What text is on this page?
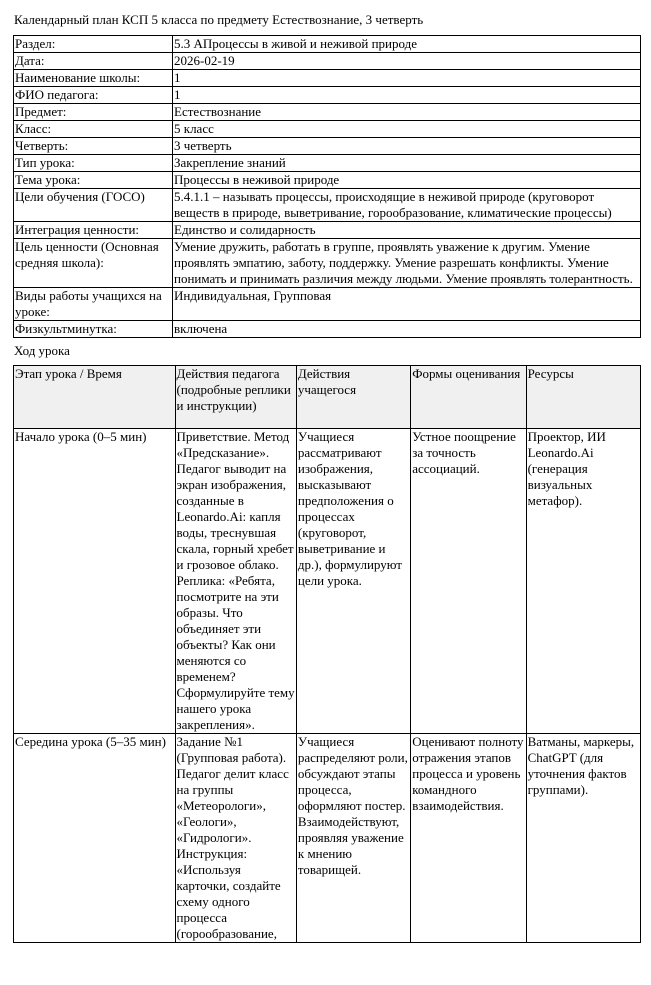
Календарный план КСП 5 класса по предмету Естествознание, 3 четверть
Раздел:	5.3 АПроцессы в живой и неживой природе
Дата:	2026-02-19
Наименование школы:	1
ФИО педагога:	1
Предмет:	Естествознание
Класс:	5 класс
Четверть:	3 четверть
Тип урока:	Закрепление знаний
Тема урока:	Процессы в неживой природе
Цели обучения (ГОСО)	5.4.1.1 – называть процессы, происходящие в неживой природе (круговорот веществ в природе, выветривание, горообразование, климатические процессы)
Интеграция ценности:	Единство и солидарность
Цель ценности (Основная средняя школа):	Умение дружить, работать в группе, проявлять уважение к другим. Умение проявлять эмпатию, заботу, поддержку. Умение разрешать конфликты. Умение понимать и принимать различия между людьми. Умение проявлять толерантность.
Виды работы учащихся на уроке:	Индивидуальная, Групповая
Физкультминутка:	включена
Ход урока
Этап урока / Время	Действия педагога (подробные реплики и инструкции)	Действия учащегося	Формы оценивания	Ресурсы
Начало урока (0–5 мин)	Приветствие. Метод «Предсказание». Педагог выводит на экран изображения, созданные в Leonardo.Ai: капля воды, треснувшая скала, горный хребет и грозовое облако. Реплика: «Ребята, посмотрите на эти образы. Что объединяет эти объекты? Как они меняются со временем? Сформулируйте тему нашего урока закрепления».	Учащиеся рассматривают изображения, высказывают предположения о процессах (круговорот, выветривание и др.), формулируют цели урока.	Устное поощрение за точность ассоциаций.	Проектор, ИИ Leonardo.Ai (генерация визуальных метафор).
Середина урока (5–35 мин)	Задание №1 (Групповая работа). Педагог делит класс на группы «Метеорологи», «Геологи», «Гидрологи». Инструкция: «Используя карточки, создайте схему одного процесса (горообразование,	Учащиеся распределяют роли, обсуждают этапы процесса, оформляют постер. Взаимодействуют, проявляя уважение к мнению товарищей.	Оценивают полноту отражения этапов процесса и уровень командного взаимодействия.	Ватманы, маркеры, ChatGPT (для уточнения фактов группами).
